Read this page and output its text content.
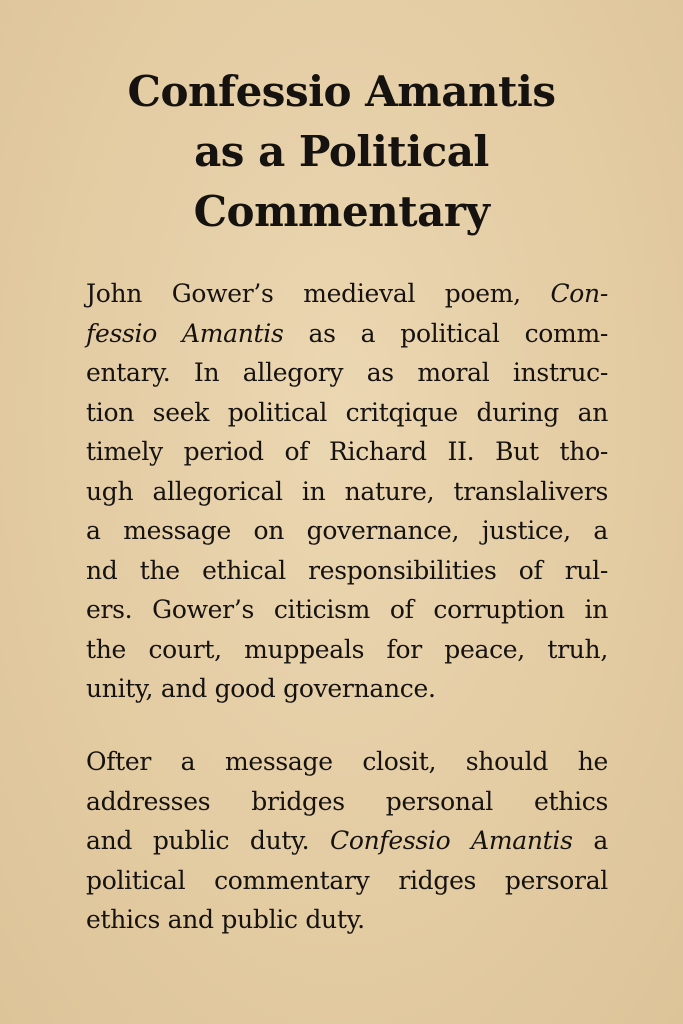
Confessio Amantis
as a Political
Commentary
John Gower’s medieval poem, Con-
fessio Amantis as a political comm-
entary. In allegory as moral instruc-
tion seek political critqique during an
timely period of Richard II. But tho-
ugh allegorical in nature, translalivers
a message on governance, justice, a
nd the ethical responsibilities of rul-
ers. Gower’s citicism of corruption in
the court, muppeals for peace, truh,
unity, and good governance.
Ofter a message closit, should he
addresses bridges personal ethics
and public duty. Confessio Amantis a
political commentary ridges persoral
ethics and public duty.
